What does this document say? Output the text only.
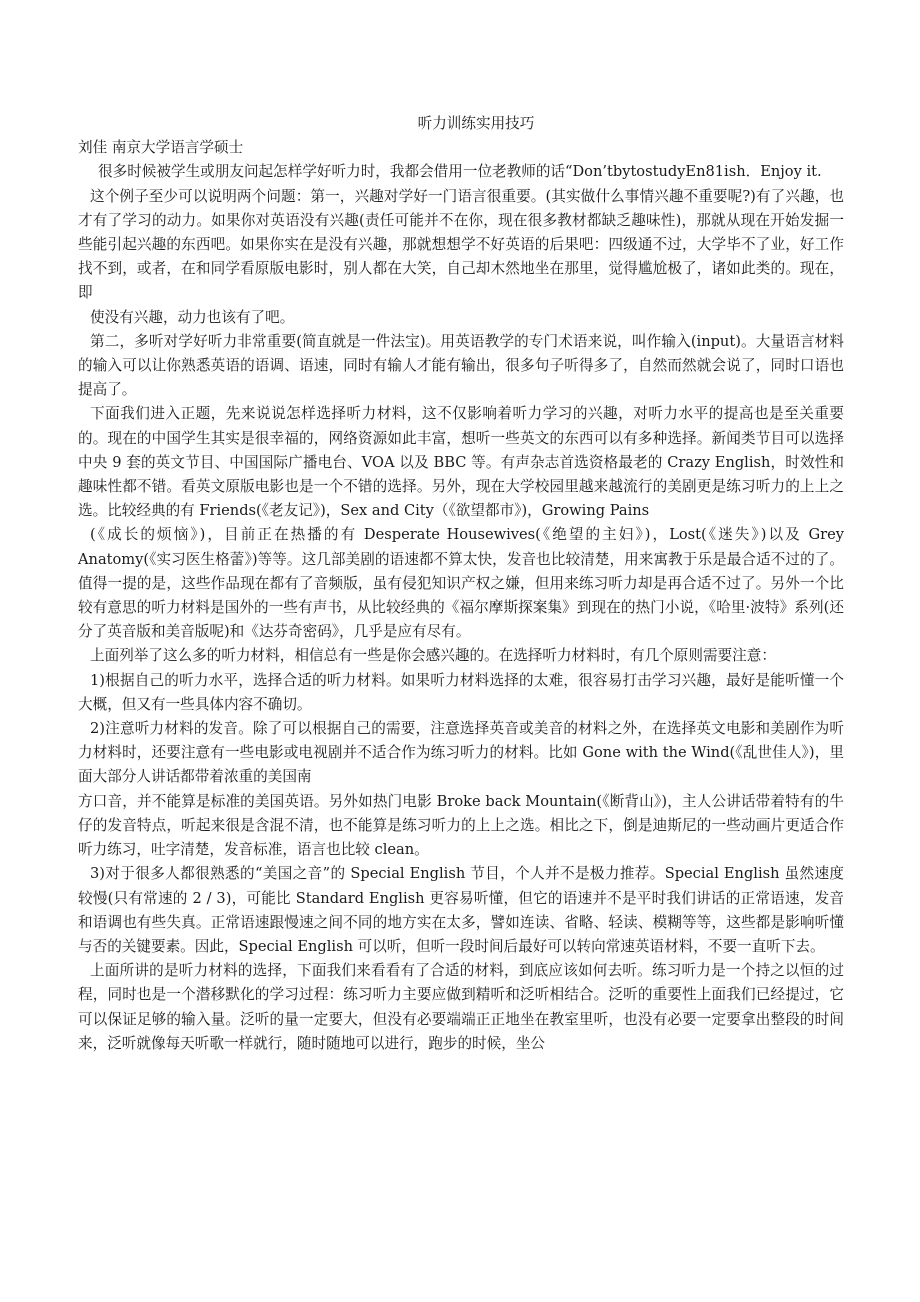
听力训练实用技巧

刘佳 南京大学语言学硕士

很多时候被学生或朋友问起怎样学好听力时，我都会借用一位老教师的话“Don’tbytostudyEn81ish．Enjoy it.

这个例子至少可以说明两个问题：第一，兴趣对学好一门语言很重要。(其实做什么事情兴趣不重要呢?)有了兴趣，也才有了学习的动力。如果你对英语没有兴趣(责任可能并不在你，现在很多教材都缺乏趣味性)，那就从现在开始发掘一些能引起兴趣的东西吧。如果你实在是没有兴趣，那就想想学不好英语的后果吧：四级通不过，大学毕不了业，好工作找不到，或者，在和同学看原版电影时，别人都在大笑，自己却木然地坐在那里，觉得尴尬极了，诸如此类的。现在，即

使没有兴趣，动力也该有了吧。

第二，多听对学好听力非常重要(简直就是一件法宝)。用英语教学的专门术语来说，叫作输入(input)。大量语言材料的输入可以让你熟悉英语的语调、语速，同时有输人才能有输出，很多句子听得多了，自然而然就会说了，同时口语也提高了。

下面我们进入正题，先来说说怎样选择听力材料，这不仅影响着听力学习的兴趣，对听力水平的提高也是至关重要的。现在的中国学生其实是很幸福的，网络资源如此丰富，想听一些英文的东西可以有多种选择。新闻类节目可以选择中央 9 套的英文节目、中国国际广播电台、VOA 以及 BBC 等。有声杂志首选资格最老的 Crazy English，时效性和趣味性都不错。看英文原版电影也是一个不错的选择。另外，现在大学校园里越来越流行的美剧更是练习听力的上上之选。比较经典的有 Friends(《老友记》)，Sex and City（《欲望都市》)，Growing Pains

(《成长的烦恼》)，目前正在热播的有 Desperate Housewives(《绝望的主妇》)，Lost(《迷失》)以及 Grey Anatomy(《实习医生格蕾》)等等。这几部美剧的语速都不算太快，发音也比较清楚，用来寓教于乐是最合适不过的了。值得一提的是，这些作品现在都有了音频版，虽有侵犯知识产权之嫌，但用来练习听力却是再合适不过了。另外一个比较有意思的听力材料是国外的一些有声书，从比较经典的《福尔摩斯探案集》到现在的热门小说，《哈里·波特》系列(还分了英音版和美音版呢)和《达芬奇密码》，几乎是应有尽有。

上面列举了这么多的听力材料，相信总有一些是你会感兴趣的。在选择听力材料时，有几个原则需要注意：

1)根据自己的听力水平，选择合适的听力材料。如果听力材料选择的太难，很容易打击学习兴趣，最好是能听懂一个大概，但又有一些具体内容不确切。

2)注意听力材料的发音。除了可以根据自己的需要，注意选择英音或美音的材料之外，在选择英文电影和美剧作为听力材料时，还要注意有一些电影或电视剧并不适合作为练习听力的材料。比如 Gone with the Wind(《乱世佳人》)，里面大部分人讲话都带着浓重的美国南

方口音，并不能算是标准的美国英语。另外如热门电影 Broke back Mountain(《断背山》)，主人公讲话带着特有的牛仔的发音特点，听起来很是含混不清，也不能算是练习听力的上上之选。相比之下，倒是迪斯尼的一些动画片更适合作听力练习，吐字清楚，发音标准，语言也比较 clean。

3)对于很多人都很熟悉的“美国之音”的 Special English 节目，个人并不是极力推荐。Special English 虽然速度较慢(只有常速的 2 / 3)，可能比 Standard English 更容易听懂，但它的语速并不是平时我们讲话的正常语速，发音和语调也有些失真。正常语速跟慢速之间不同的地方实在太多，譬如连读、省略、轻读、模糊等等，这些都是影响听懂与否的关键要素。因此，Special English 可以听，但听一段时间后最好可以转向常速英语材料，不要一直听下去。

上面所讲的是听力材料的选择，下面我们来看看有了合适的材料，到底应该如何去听。练习听力是一个持之以恒的过程，同时也是一个潜移默化的学习过程：练习听力主要应做到精听和泛听相结合。泛听的重要性上面我们已经提过，它可以保证足够的输入量。泛听的量一定要大，但没有必要端端正正地坐在教室里听，也没有必要一定要拿出整段的时间来，泛听就像每天听歌一样就行，随时随地可以进行，跑步的时候，坐公
